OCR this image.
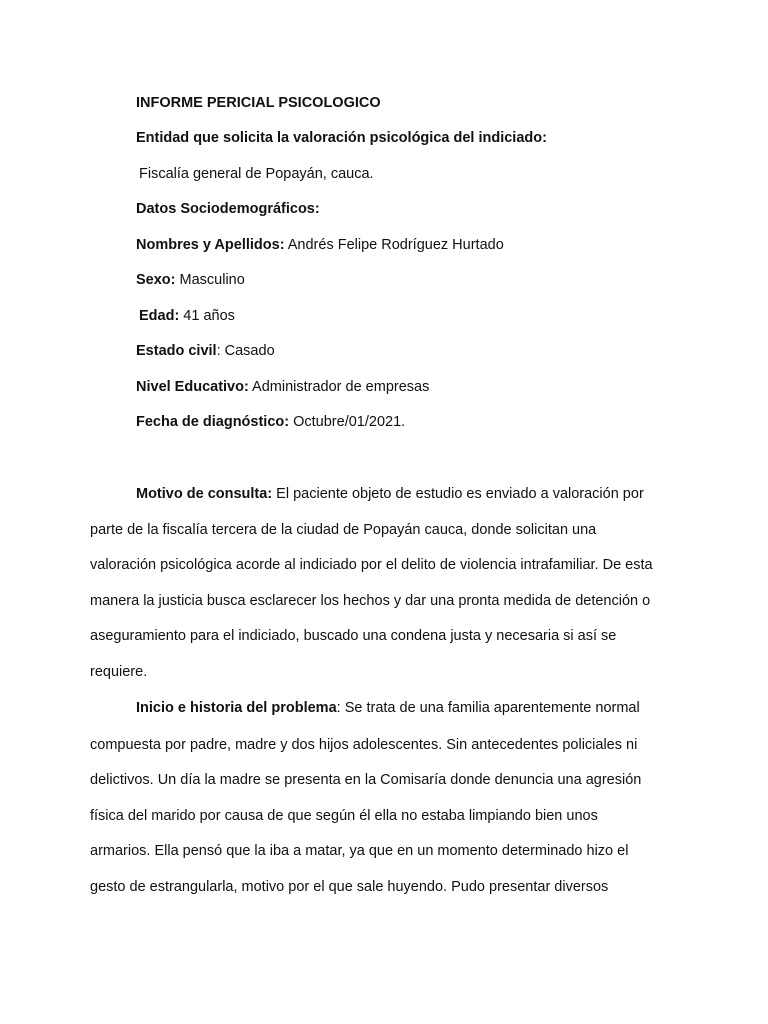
INFORME PERICIAL PSICOLOGICO
Entidad que solicita la valoración psicológica del indiciado:
Fiscalía general de Popayán, cauca.
Datos Sociodemográficos:
Nombres y Apellidos: Andrés Felipe Rodríguez Hurtado
Sexo: Masculino
Edad: 41 años
Estado civil: Casado
Nivel Educativo: Administrador de empresas
Fecha de diagnóstico: Octubre/01/2021.
Motivo de consulta: El paciente objeto de estudio es enviado a valoración por
parte de la fiscalía tercera de la ciudad de Popayán cauca, donde solicitan una
valoración psicológica acorde al indiciado por el delito de violencia intrafamiliar. De esta
manera la justicia busca esclarecer los hechos y dar una pronta medida de detención o
aseguramiento para el indiciado, buscado una condena justa y necesaria si así se
requiere.
Inicio e historia del problema: Se trata de una familia aparentemente normal
compuesta por padre, madre y dos hijos adolescentes. Sin antecedentes policiales ni
delictivos. Un día la madre se presenta en la Comisaría donde denuncia una agresión
física del marido por causa de que según él ella no estaba limpiando bien unos
armarios. Ella pensó que la iba a matar, ya que en un momento determinado hizo el
gesto de estrangularla, motivo por el que sale huyendo. Pudo presentar diversos
